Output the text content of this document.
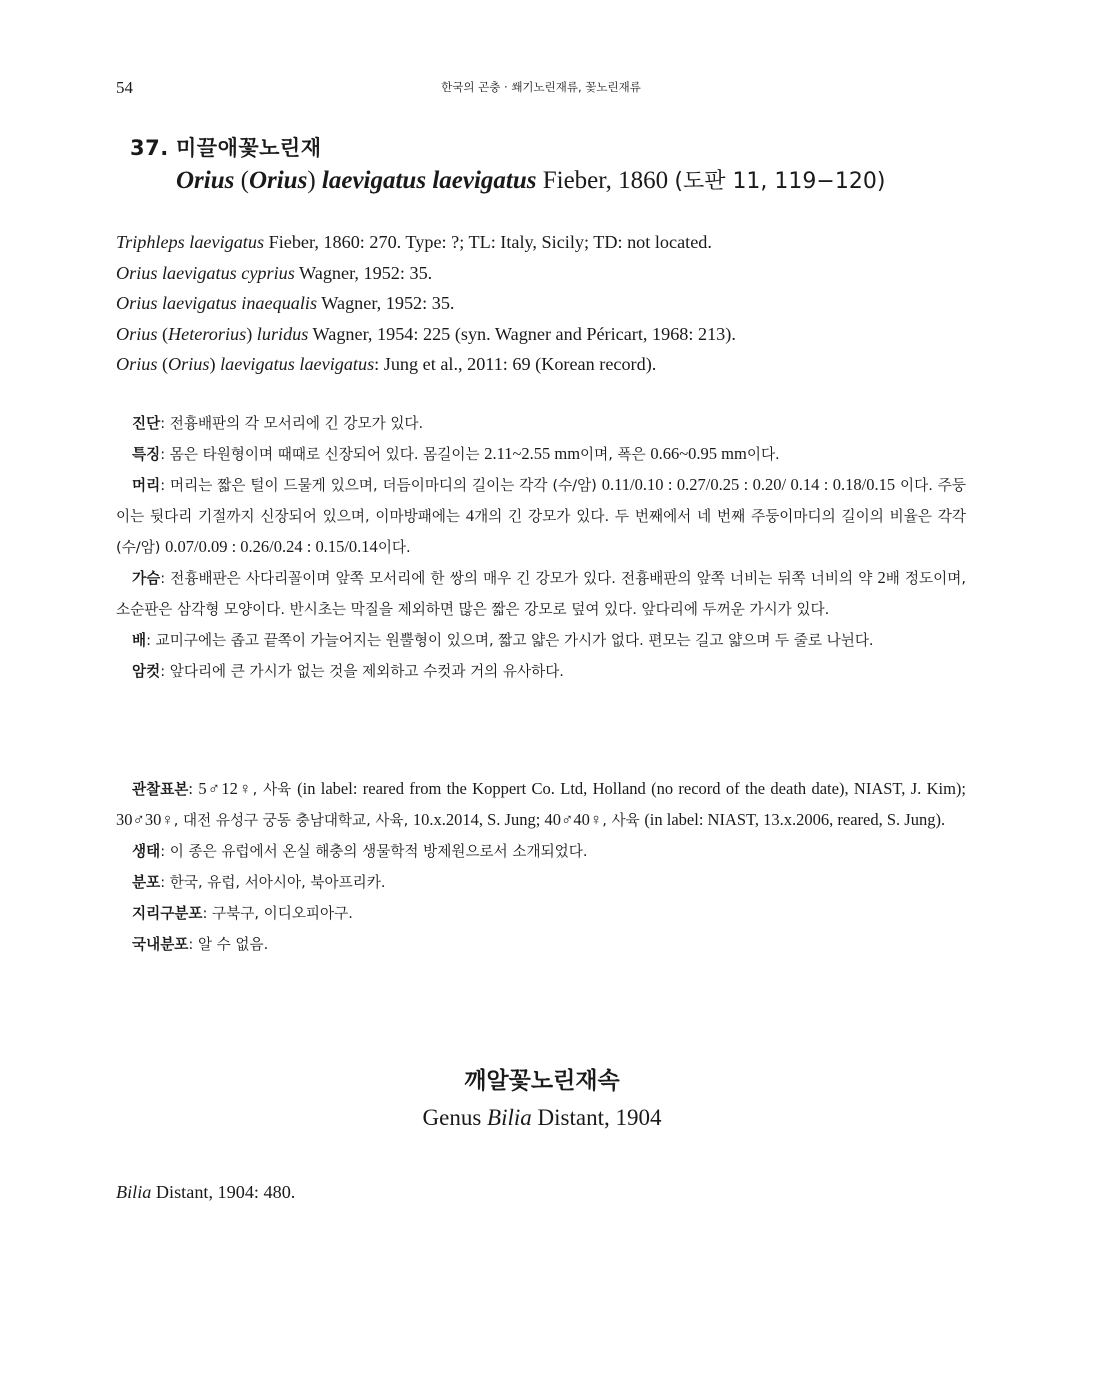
54	한국의 곤충 · 쐐기노린재류, 꽃노린재류
37. 미끌애꽃노린재
Orius (Orius) laevigatus laevigatus Fieber, 1860 (도판 11, 119−120)
Triphleps laevigatus Fieber, 1860: 270. Type: ?; TL: Italy, Sicily; TD: not located.
Orius laevigatus cyprius Wagner, 1952: 35.
Orius laevigatus inaequalis Wagner, 1952: 35.
Orius (Heterorius) luridus Wagner, 1954: 225 (syn. Wagner and Péricart, 1968: 213).
Orius (Orius) laevigatus laevigatus: Jung et al., 2011: 69 (Korean record).

진단: 전흉배판의 각 모서리에 긴 강모가 있다.

특징: 몸은 타원형이며 때때로 신장되어 있다. 몸길이는 2.11~2.55 mm이며, 폭은 0.66~0.95 mm이다.

머리: 머리는 짧은 털이 드물게 있으며, 더듬이마디의 길이는 각각 (수/암) 0.11/0.10 : 0.27/0.25 : 0.20/ 0.14 : 0.18/0.15 이다. 주둥이는 뒷다리 기절까지 신장되어 있으며, 이마방패에는 4개의 긴 강모가 있다. 두 번째에서 네 번째 주둥이마디의 길이의 비율은 각각 (수/암) 0.07/0.09 : 0.26/0.24 : 0.15/0.14이다.

가슴: 전흉배판은 사다리꼴이며 앞쪽 모서리에 한 쌍의 매우 긴 강모가 있다. 전흉배판의 앞쪽 너비는 뒤쪽 너비의 약 2배 정도이며, 소순판은 삼각형 모양이다. 반시초는 막질을 제외하면 많은 짧은 강모로 덮여 있다. 앞다리에 두꺼운 가시가 있다.

배: 교미구에는 좁고 끝쪽이 가늘어지는 원뿔형이 있으며, 짧고 얇은 가시가 없다. 편모는 길고 얇으며 두 줄로 나뉜다.

암컷: 앞다리에 큰 가시가 없는 것을 제외하고 수컷과 거의 유사하다.

관찰표본: 5♂12♀, 사육 (in label: reared from the Koppert Co. Ltd, Holland (no record of the death date), NIAST, J. Kim); 30♂30♀, 대전 유성구 궁동 충남대학교, 사육, 10.x.2014, S. Jung; 40♂40♀, 사육 (in label: NIAST, 13.x.2006, reared, S. Jung).

생태: 이 종은 유럽에서 온실 해충의 생물학적 방제원으로서 소개되었다.

분포: 한국, 유럽, 서아시아, 북아프리카.

지리구분포: 구북구, 이디오피아구.

국내분포: 알 수 없음.

깨알꽃노린재속
Genus Bilia Distant, 1904
Bilia Distant, 1904: 480.
